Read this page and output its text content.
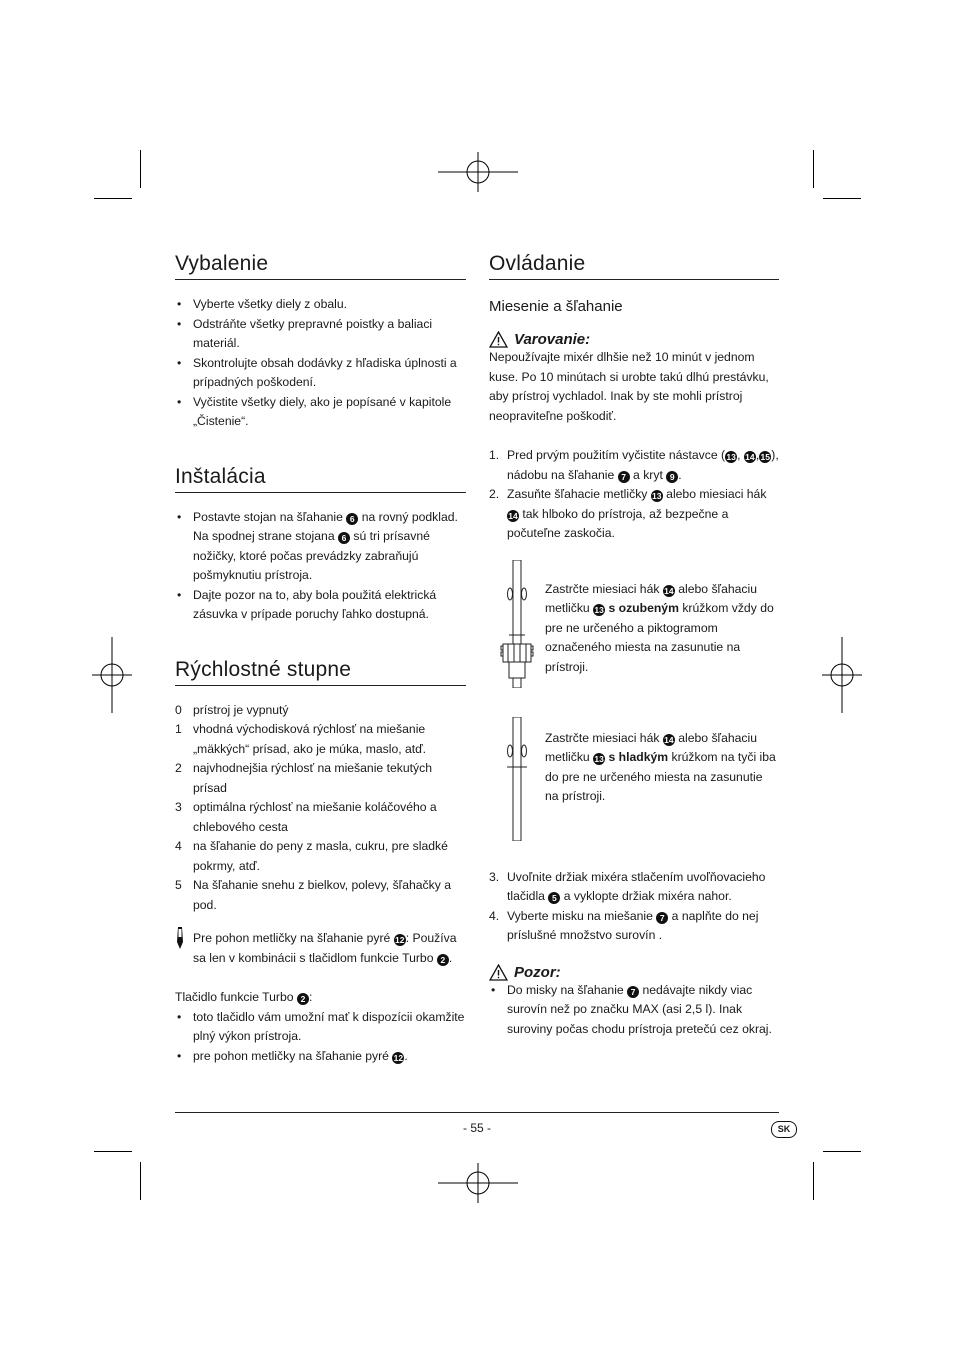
Vybalenie
• Vyberte všetky diely z obalu.
• Odstráňte všetky prepravné poistky a baliaci materiál.
• Skontrolujte obsah dodávky z hľadiska úplnosti a prípadných poškodení.
• Vyčistite všetky diely, ako je popísané v kapitole „Čistenie“.
Inštalácia
• Postavte stojan na šľahanie 6 na rovný podklad. Na spodnej strane stojana 6 sú tri prísavné nožičky, ktoré počas prevádzky zabraňujú pošmyknutiu prístroja.
• Dajte pozor na to, aby bola použitá elektrická zásuvka v prípade poruchy ľahko dostupná.
Rýchlostné stupne
0 prístroj je vypnutý
1 vhodná východisková rýchlosť na miešanie „mäkkých“ prísad, ako je múka, maslo, atď.
2 najvhodnejšia rýchlosť na miešanie tekutých prísad
3 optimálna rýchlosť na miešanie koláčového a chlebového cesta
4 na šľahanie do peny z masla, cukru, pre sladké pokrmy, atď.
5 Na šľahanie snehu z bielkov, polevy, šľahačky a pod.
Pre pohon metličky na šľahanie pyré 12: Používa sa len v kombinácii s tlačidlom funkcie Turbo 2 .
Tlačidlo funkcie Turbo 2 :
• toto tlačidlo vám umožní mať k dispozícii okamžite plný výkon prístroja.
• pre pohon metličky na šľahanie pyré 12.
Ovládanie
Miesenie a šľahanie
Varovanie:
Nepoužívajte mixér dlhšie než 10 minút v jednom kuse. Po 10 minútach si urobte takú dlhú prestávku, aby prístroj vychladol. Inak by ste mohli prístroj neopraviteľne poškodiť.
1. Pred prvým použitím vyčistite nástavce (13, 14,15), nádobu na šľahanie 7 a kryt 9 .
2. Zasuňte šľahacie metličky 13 alebo miesiaci hák 14 tak hlboko do prístroja, až bezpečne a počuteľne zaskočia.
Zastrčte miesiaci hák 14 alebo šľahaciu metličku 13 s ozubeným krúžkom vždy do pre ne určeného a piktogramom označeného miesta na zasunutie na prístroji.
Zastrčte miesiaci hák 14 alebo šľahaciu metličku 13 s hladkým krúžkom na tyči iba do pre ne určeného miesta na zasunutie na prístroji.
3. Uvoľnite držiak mixéra stlačením uvoľňovacieho tlačidla 5 a vyklopte držiak mixéra nahor.
4. Vyberte misku na miešanie 7 a naplňte do nej príslušné množstvo surovín .
Pozor:
• Do misky na šľahanie 7 nedávajte nikdy viac surovín než po značku MAX (asi 2,5 l). Inak suroviny počas chodu prístroja pretečú cez okraj.
- 55 -	SK
